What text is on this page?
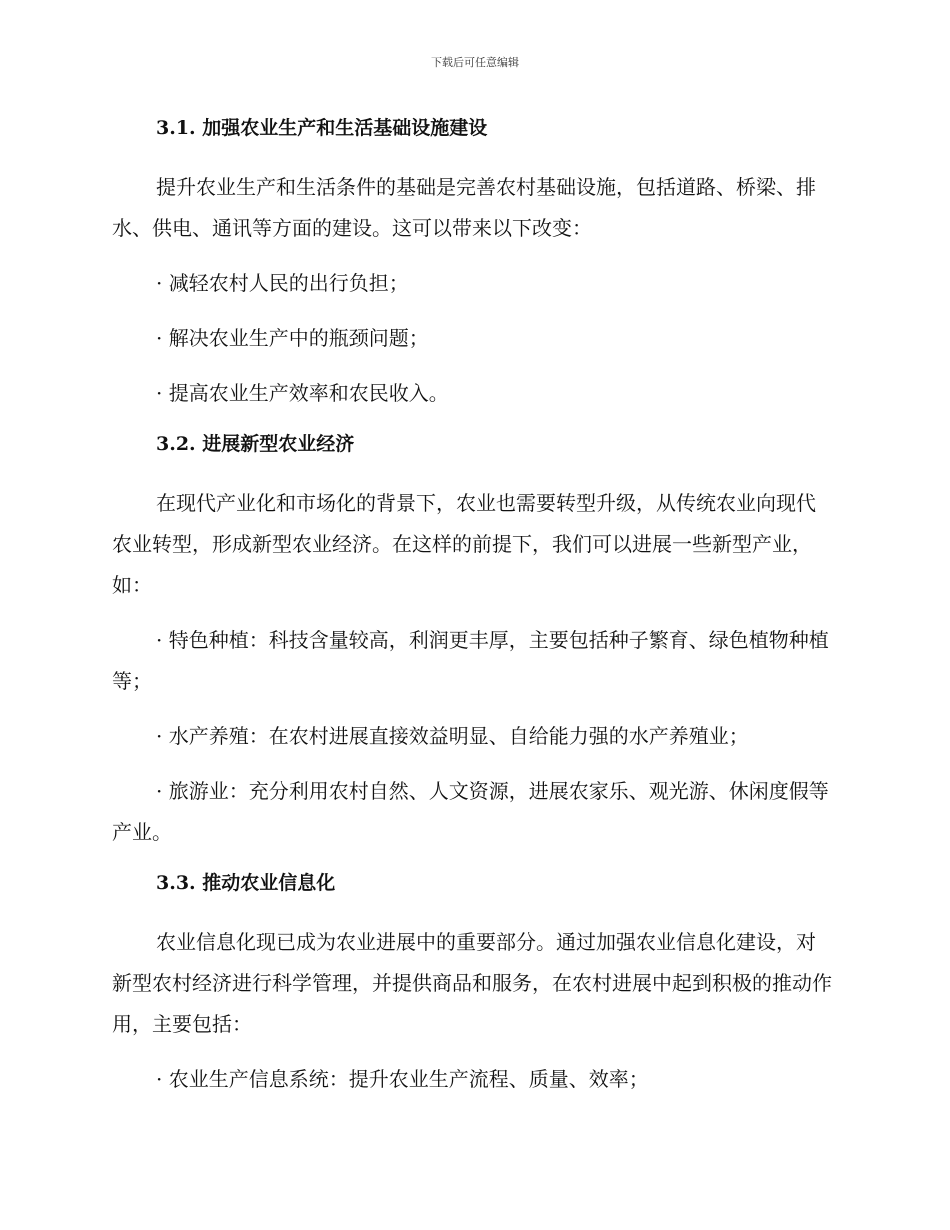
下载后可任意编辑
3.1. 加强农业生产和生活基础设施建设

提升农业生产和生活条件的基础是完善农村基础设施，包括道路、桥梁、排水、供电、通讯等方面的建设。这可以带来以下改变：

· 减轻农村人民的出行负担；

· 解决农业生产中的瓶颈问题；

· 提高农业生产效率和农民收入。

3.2. 进展新型农业经济

在现代产业化和市场化的背景下，农业也需要转型升级，从传统农业向现代农业转型，形成新型农业经济。在这样的前提下，我们可以进展一些新型产业，如：

· 特色种植：科技含量较高，利润更丰厚，主要包括种子繁育、绿色植物种植等；

· 水产养殖：在农村进展直接效益明显、自给能力强的水产养殖业；

· 旅游业：充分利用农村自然、人文资源，进展农家乐、观光游、休闲度假等产业。

3.3. 推动农业信息化

农业信息化现已成为农业进展中的重要部分。通过加强农业信息化建设，对新型农村经济进行科学管理，并提供商品和服务，在农村进展中起到积极的推动作用，主要包括：

· 农业生产信息系统：提升农业生产流程、质量、效率；
